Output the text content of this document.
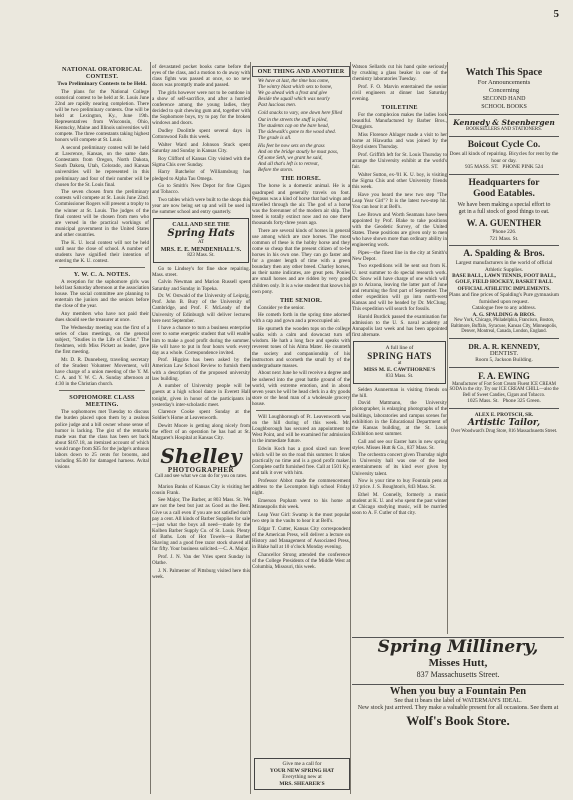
5
NATIONAL ORATORICAL CONTEST.
Two Preliminary Contests to be Held.

The plans for the National College oratorical contest to be held at St. Louis June 22nd are rapidly nearing completion. There will be two preliminary contests. One will be held at Lexington, Ky., June 19th. Representatives from Wisconsin, Ohio, Kentucky, Maine and Illinois universities will compete. The three contestants taking highest honors will compete at St. Louis.

A second preliminary contest will be held at Lawrence, Kansas, on the same date. Contestants from Oregon, North Dakota, South Dakota, Utah, Colorado, and Kansas universities will be represented in this preliminary and four of their number will be chosen for the St. Louis final.

The seven chosen from the preliminary contests will compete at St. Louis June 22nd. Commissioner Rogers will present a trophy to the winner at St. Louis. The judges of the final contest will be chosen from men who are versed in the practical workings of municipal government in the United States and other countries.

The K. U. local contest will not be held until near the close of school. A number of students have signified their intention of entering the K. U. contest.

Y. W. C. A. NOTES.

A reception for the sophomore girls was held last Saturday afternoon at the association house. The social committee are planning to entertain the juniors and the seniors before the close of the year.

Any members who have not paid their dues should see the treasurer at once.

The Wednesday meeting was the first of a series of class meetings, on the general subject, "Studies in the Life of Christ." The freshmen, with Miss Pickett as leader, gave the first meeting.

Mr. D. R. Dunneberg, traveling secretary of the Student Volunteer Movement, will have charge of a union meeting of the Y. M. C. A. and Y. W. C. A. Sunday afternoon at 4:30 in the Christian church.

SOPHOMORE CLASS MEETING.

The sophomores met Tuesday to discuss the burden placed upon them by a zealous police judge and a bill owner whose sense of humor is lacking. The gist of the remarks made was that the class has been set back about $167.18, an itemized account of which would range from $35 for the judge's arduous labors down to 25 cents for brooms, and including $5.00 for damaged harness. Avital visions

of devastated pocket books came before the eyes of the class, and a motion to do away with class fights was passed at once, so no new doors was promptly made and passed.

The girls however were not to be outdone in a show of self-sacrifice, and after a hurried conference among the young ladies, they decided to quit chewing gum and, together with the Sophomore boys, try to pay for the broken windows and doors.

Dudley Doolittle spent several days in Cottonwood Falls this week.

Walter Ward and Johnson Stuck spent Saturday and Sunday in Kansas City.

Roy Clifford of Kansas City visited with the Sigma Chis over Sunday.

Harry Batchelor of Williamsburg has pledged to Alpha Tau Omega.

Go to Smith's New Depot for fine Cigars and Tobacco.

Two tables which were built to the shops this year are now being set up and will be used in the summer school and entry quarterly.

CALL AND SEE THE
Spring Hats
AT
MRS. E. E. MENDENHALL'S.
823 Mass. St.

Go to Lindsey's for fine shoe repairing. Mass. street.

Calvin Newman and Marion Russell spent Saturday and Sunday in Topeka.

Dr. W. Ostwald of the University of Leipzig, Prof. John B. Bury of the University of Cambridge, and Prof. F. McLeady of the University of Edinburgh will deliver lectures here next September.

I have a chance to turn a business enterprise over to some energetic student that will enable him to make a good profit during the summer. He will have to put in four hours work every day as a whole. Correspondence invited.

Prof. Higgins has been asked by the American Law School Review to furnish them with a description of the proposed university law building.

A number of University people will be guests at a high school dance in Everett Hall tonight, given in honor of the participants in yesterday's inter-scholastic meet.

Clarence Cooke spent Sunday at the Soldier's Home at Leavenworth.

Dewitt Moore is getting along nicely from the effect of an operation he has had at St. Margaret's Hospital at Kansas City.

Shelley
PHOTOGRAPHER
Call and see what we can do for you on rates.

Marion Banks of Kansas City is visiting her cousin Frank.

See Major, The Barber, at 803 Mass. St. We are not the best but just as Good as the Best. Give us a call even if you are not satisfied don't pay a cent. All kinds of Barber Supplies for sale—just what the boys all need—made by the Kolben Barber Supply Co. of St. Louis. Plenty of Baths. Lots of Hot Towels—a Barber Shaving and a good free razor stock shaved all for fifty. Your business solicited.—C. A. Major.

Prof. J. N. Van der Vries spent Sunday in Olathe.

J. N. Palmenter of Pittsburg visited here this week.

ONE THING AND ANOTHER
We have at last, the time has come,
The wintry blast which sets to home,
We go ahead with a frost and glee
Beside the squall which was nearly
Past luscious men.

Cold snacks to vary, one down here filled
Out in the streets the stuff is piled,
The students cap on the bare head,
The sidewalk's gone to the wood shed.
The grade is all.

His feet he now sets on the grass
And on the bridge stoutly he must pass,
Of some Seth, we grant he said,
And all that's left is to retreat,
Before the storm.
THE HORSE.

The horse is a domestic animal. He is a quadruped and generally travels on foot. Pegasus was a kind of horse that had wings and travelled through the air. The god of a horse was the forerunner of the modern air ship. The breed is totally extinct now and no one there thousands forty-three years ago.

There are several kinds of horses in general use among which are race horses. The most common of these is the hobby horse and they come so cheap that the present citizen of to-be horses in his own one. They can go faster and for a greater length of time with a green boundary then any other breed. Charley horses, as their name indicates, are great pets. Ponies are small horses and are ridden by very good children only. It is a wise student that knows his own pony.

THE SENIOR.

Consider ye the senior.

He cometh forth in the spring time adorned with a cap and gown and a preoccupied air.

He spurneth the wooden tops on the college walks with a calm and downcast turn of wisdom. He hath a long face and speaks with reverent tones of his Alma Mater. He counteth the society and companionship of his instructors and scorneth the small fry of the undergraduate masses.

About next June he will receive a degree and be ushered into the great battle ground of the world, with extreme emotion, and in about seven years he will be head clerk in a dry goods store or the head man of a wholesale grocery house.

Will Loughborough of Ft. Leavenworth was on the hill during of this week. Mr. Loughborough has secured an appointment to West Point, and will be examined for admission in the immediate future.

Edwin Koch has a good sized sun fever which will be on the road this summer. It takes practically no time and is a good profit maker. Complete outfit furnished free. Call at 1501 Ky. and talk it over with him.

Professor Abbot made the commencement address to the Lecompton high school Friday night.

Emerson Popham went to his home at Minneapolis this week.

Leap Year Girl: Swamp is the most popular two step in the vaults to hear it at Bell's.

Edgar T. Cutter, Kansas City correspondent of the American Press, will deliver a lecture on History and Management of Associated Press, in Blake hall at 10 o'clock Monday evening.

Chancellor Strong attended the conference of the College Presidents of the Middle West at Columbia, Missouri, this week.

Give me a call for
YOUR NEW SPRING HAT
Everything new at
MRS. SHEARER'S

Watson Sellards cut his hand quite seriously by crushing a glass beaker in one of the chemistry laboratories Tuesday.

Prof. F. O. Marvin entertained the senior civil engineers at dinner last Saturday evening.

TOILETINE

For the complexion makes the ladies look beautiful. Manufactured by Barber Bros., Druggists.

Miss Florence Ahlager made a visit to her home at Hiawatha and was joined by the Boyd sisters Thursday.

Prof. Griffith left for St. Louis Thursday to arrange the University exhibit at the world's fair.

Walter Sutton, ex-'01 K. U. boy, is visiting the Sigma Chis and other University friends this week.

Have you heard the new two step "The Leap Year Girl"? It is the latest two-step hit. You can hear it at Bell's.

Lee Brown and Worth Seamans have been appointed by Prof. Blake to take positions with the Geodetic Survey, of the United States. These positions are given only to men who have shown more than ordinary ability in engineering work.

Pipes—the finest line in the city at Smith's New Depot.

Two expeditions will be sent out from K. U. next summer to do special research work. Dr. Snow will have charge of one which will go to Arizona, leaving the latter part of June and returning the first part of September. The other expedition will go into north-west Kansas and will be headed by Dr. McClung. This expedition will search for fossils.

Harold Burdick passed the examination for admission to the U. S. naval academy at Annapolis last week and has been appointed first alternate.

A full line of
SPRING HATS
at
MISS M. E. CAWTHORNE'S
833 Mass. St.

Selden Aunnerman is visiting friends on the hill.

David Mattmann, the University photographer, is enlarging photographs of the buildings, laboratories and campus scenes for exhibition in the Educational Department of the Kansas building, at the St. Louis Exhibition next summer.

Call and see our Easter hats in new spring styles. Misses Hutt & Co., 837 Mass. St.

The orchestra concert given Thursday night in University hall was one of the best entertainments of its kind ever given by University talent.

Now is your time to buy Fountain pens at 1/2 price. J. S. Boughton's, 843 Mass. St.

Ethel M. Connelly, formerly a music student at K. U. and who spent the past winter at Chicago studying music, will be married soon to A. F. Cutler of that city.

Watch This Space
For Announcements
Concerning
SECOND HAND
SCHOOL BOOKS
Kennedy & Steenbergen
BOOKSELLERS AND STATIONERS.
Boicout Cycle Co.
Does all kinds of repairing. Bicycles for rent by the hour or day.
935 MASS. ST. PHONE PINK 524
Headquarters for
Good Eatables.
We have been making a special effort to get in a full stock of good things to eat.
W. A. GUENTHER
'Phone 226.
721 Mass. St.
A. Spalding & Bros.
Largest manufacturers in the world of official Athletic Supplies.
BASE BALL, LAWN TENNIS, FOOT BALL, GOLF, FIELD HOCKEY, BASKET BALL OFFICIAL ATHLETIC IMPLEMENTS.
Plans and fine prices of Spalding's Pure gymnasium furnished upon request.
Catalogue free to any address.
A. G. SPALDING & BROS.
New York, Chicago, Philadelphia, Francisco, Boston, Baltimore, Buffalo, Syracuse, Kansas City, Minneapolis, Denver, Montreal, Canada, London, England.
DR. A. R. KENNEDY,
DENTIST.
Room 5, Jackson Building.
F. A. EWING
Manufacturer of Fort Scott Cream Fluent ICE CREAM SODA in the city. Try our ICE CREAM CHILL—also the Bell of Sweet Candies, Cigars and Tobacco.
1025 Mass. St. Phone 325 Green.
ALEX E. PROTSCH, SR.
Artistic Tailor,
Over Woodward's Drug Store, 816 Massachusetts Street.
Spring Millinery,
Misses Hutt,
837 Massachusetts Street.
When you buy a Fountain Pen
See that it bears the label of WATERMAN'S IDEAL.
New stock just arrived. They make a valuable present for all occasions. See them at
Wolf's Book Store.
